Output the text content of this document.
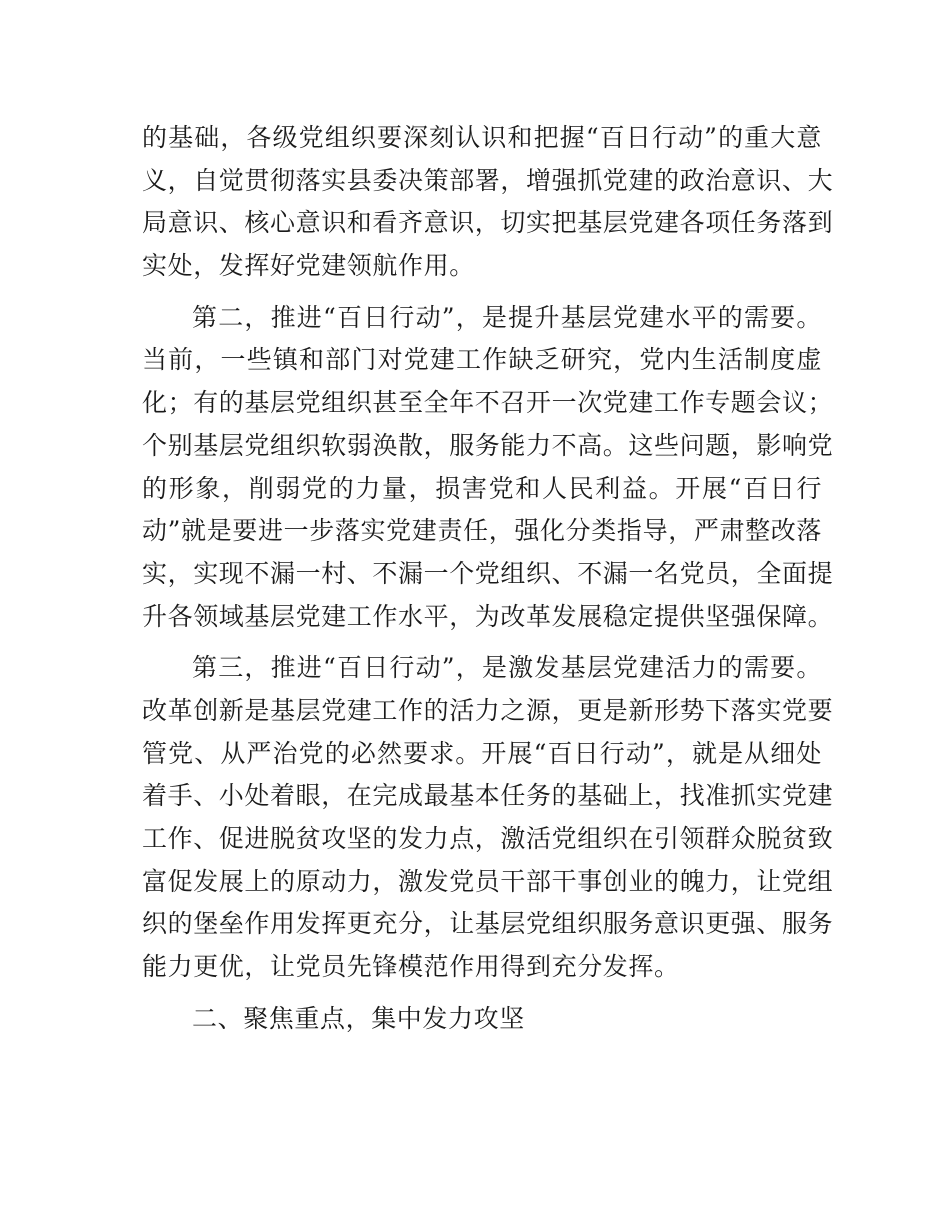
的基础，各级党组织要深刻认识和把握“百日行动”的重大意
义，自觉贯彻落实县委决策部署，增强抓党建的政治意识、大
局意识、核心意识和看齐意识，切实把基层党建各项任务落到
实处，发挥好党建领航作用。
第二，推进“百日行动”，是提升基层党建水平的需要。
当前，一些镇和部门对党建工作缺乏研究，党内生活制度虚
化；有的基层党组织甚至全年不召开一次党建工作专题会议；
个别基层党组织软弱涣散，服务能力不高。这些问题，影响党
的形象，削弱党的力量，损害党和人民利益。开展“百日行
动”就是要进一步落实党建责任，强化分类指导，严肃整改落
实，实现不漏一村、不漏一个党组织、不漏一名党员，全面提
升各领域基层党建工作水平，为改革发展稳定提供坚强保障。
第三，推进“百日行动”，是激发基层党建活力的需要。
改革创新是基层党建工作的活力之源，更是新形势下落实党要
管党、从严治党的必然要求。开展“百日行动”，就是从细处
着手、小处着眼，在完成最基本任务的基础上，找准抓实党建
工作、促进脱贫攻坚的发力点，激活党组织在引领群众脱贫致
富促发展上的原动力，激发党员干部干事创业的魄力，让党组
织的堡垒作用发挥更充分，让基层党组织服务意识更强、服务
能力更优，让党员先锋模范作用得到充分发挥。
二、聚焦重点，集中发力攻坚
